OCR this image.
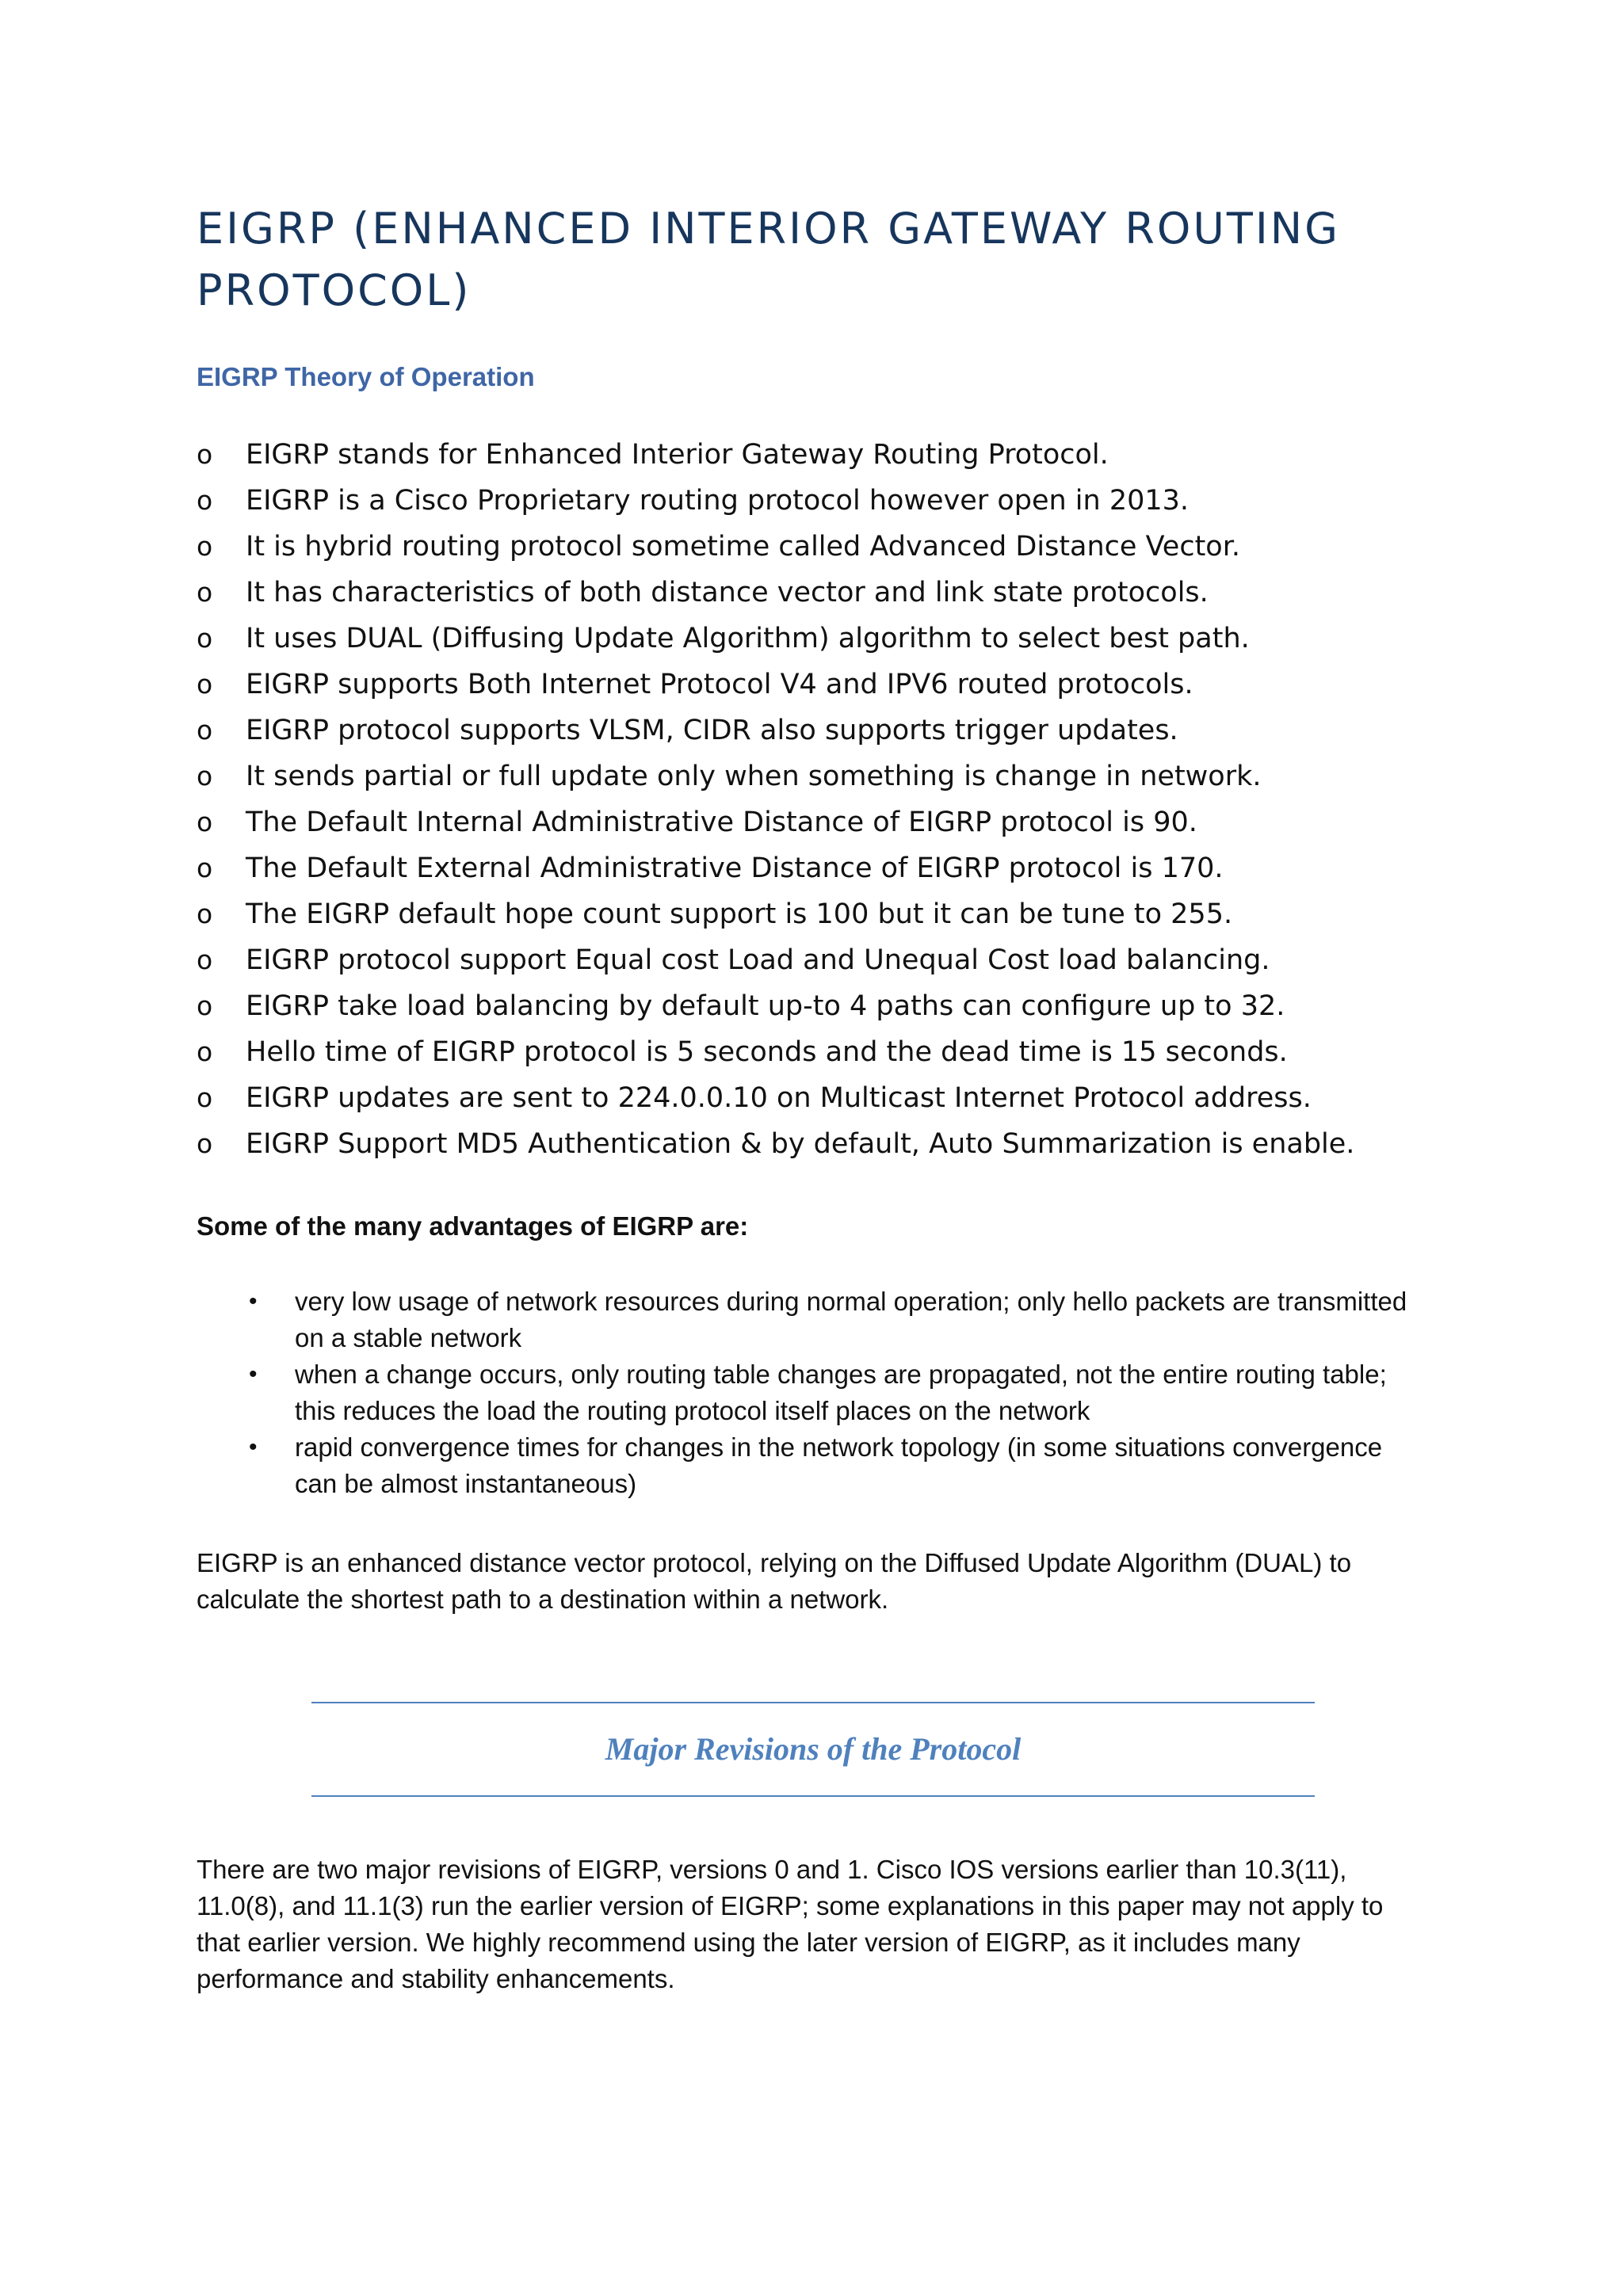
EIGRP (ENHANCED INTERIOR GATEWAY ROUTING PROTOCOL)
EIGRP Theory of Operation
o EIGRP stands for Enhanced Interior Gateway Routing Protocol.
o EIGRP is a Cisco Proprietary routing protocol however open in 2013.
o It is hybrid routing protocol sometime called Advanced Distance Vector.
o It has characteristics of both distance vector and link state protocols.
o It uses DUAL (Diffusing Update Algorithm) algorithm to select best path.
o EIGRP supports Both Internet Protocol V4 and IPV6 routed protocols.
o EIGRP protocol supports VLSM, CIDR also supports trigger updates.
o It sends partial or full update only when something is change in network.
o The Default Internal Administrative Distance of EIGRP protocol is 90.
o The Default External Administrative Distance of EIGRP protocol is 170.
o The EIGRP default hope count support is 100 but it can be tune to 255.
o EIGRP protocol support Equal cost Load and Unequal Cost load balancing.
o EIGRP take load balancing by default up-to 4 paths can configure up to 32.
o Hello time of EIGRP protocol is 5 seconds and the dead time is 15 seconds.
o EIGRP updates are sent to 224.0.0.10 on Multicast Internet Protocol address.
o EIGRP Support MD5 Authentication & by default, Auto Summarization is enable.
Some of the many advantages of EIGRP are:
• very low usage of network resources during normal operation; only hello packets are transmitted on a stable network
• when a change occurs, only routing table changes are propagated, not the entire routing table; this reduces the load the routing protocol itself places on the network
• rapid convergence times for changes in the network topology (in some situations convergence can be almost instantaneous)

EIGRP is an enhanced distance vector protocol, relying on the Diffused Update Algorithm (DUAL) to calculate the shortest path to a destination within a network.

Major Revisions of the Protocol

There are two major revisions of EIGRP, versions 0 and 1. Cisco IOS versions earlier than 10.3(11), 11.0(8), and 11.1(3) run the earlier version of EIGRP; some explanations in this paper may not apply to that earlier version. We highly recommend using the later version of EIGRP, as it includes many performance and stability enhancements.
